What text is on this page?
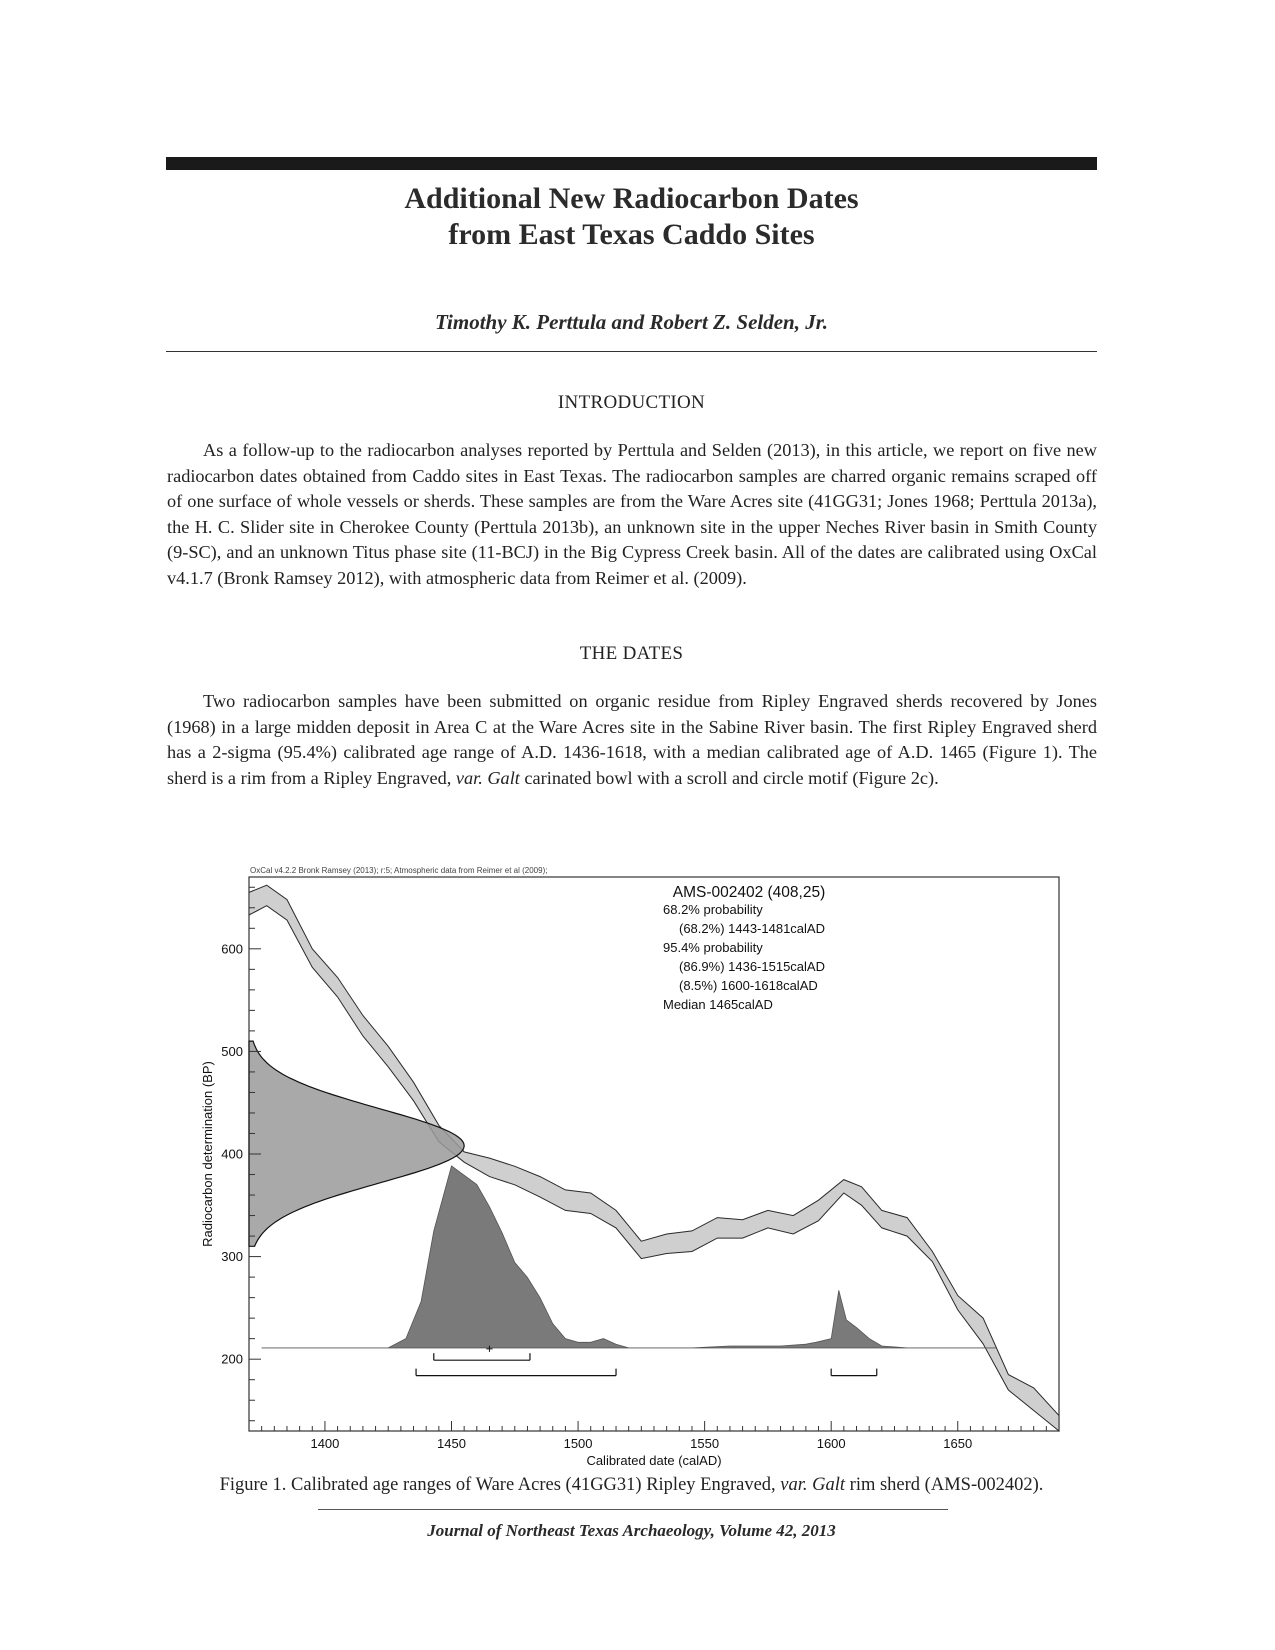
Additional New Radiocarbon Dates
from East Texas Caddo Sites
Timothy K. Perttula and Robert Z. Selden, Jr.
INTRODUCTION

As a follow-up to the radiocarbon analyses reported by Perttula and Selden (2013), in this article, we report on five new radiocarbon dates obtained from Caddo sites in East Texas. The radiocarbon samples are charred organic remains scraped off of one surface of whole vessels or sherds. These samples are from the Ware Acres site (41GG31; Jones 1968; Perttula 2013a), the H. C. Slider site in Cherokee County (Perttula 2013b), an unknown site in the upper Neches River basin in Smith County (9-SC), and an unknown Titus phase site (11-BCJ) in the Big Cypress Creek basin. All of the dates are calibrated using OxCal v4.1.7 (Bronk Ramsey 2012), with atmospheric data from Reimer et al. (2009).

THE DATES

Two radiocarbon samples have been submitted on organic residue from Ripley Engraved sherds recovered by Jones (1968) in a large midden deposit in Area C at the Ware Acres site in the Sabine River basin. The first Ripley Engraved sherd has a 2-sigma (95.4%) calibrated age range of A.D. 1436-1618, with a median calibrated age of A.D. 1465 (Figure 1). The sherd is a rim from a Ripley Engraved, var. Galt carinated bowl with a scroll and circle motif (Figure 2c).

OxCal v4.2.2 Bronk Ramsey (2013); r:5; Atmospheric data from Reimer et al (2009);
+
1400	1450	1500	1550	1600	1650
200
300
400
500
600
AMS-002402 (408,25)
68.2% probability
(68.2%) 1443-1481calAD
95.4% probability
(86.9%) 1436-1515calAD
(8.5%) 1600-1618calAD
Median 1465calAD
Calibrated date (calAD)
Radiocarbon determination (BP)
Figure 1. Calibrated age ranges of Ware Acres (41GG31) Ripley Engraved, var. Galt rim sherd (AMS-002402).
Journal of Northeast Texas Archaeology, Volume 42, 2013
